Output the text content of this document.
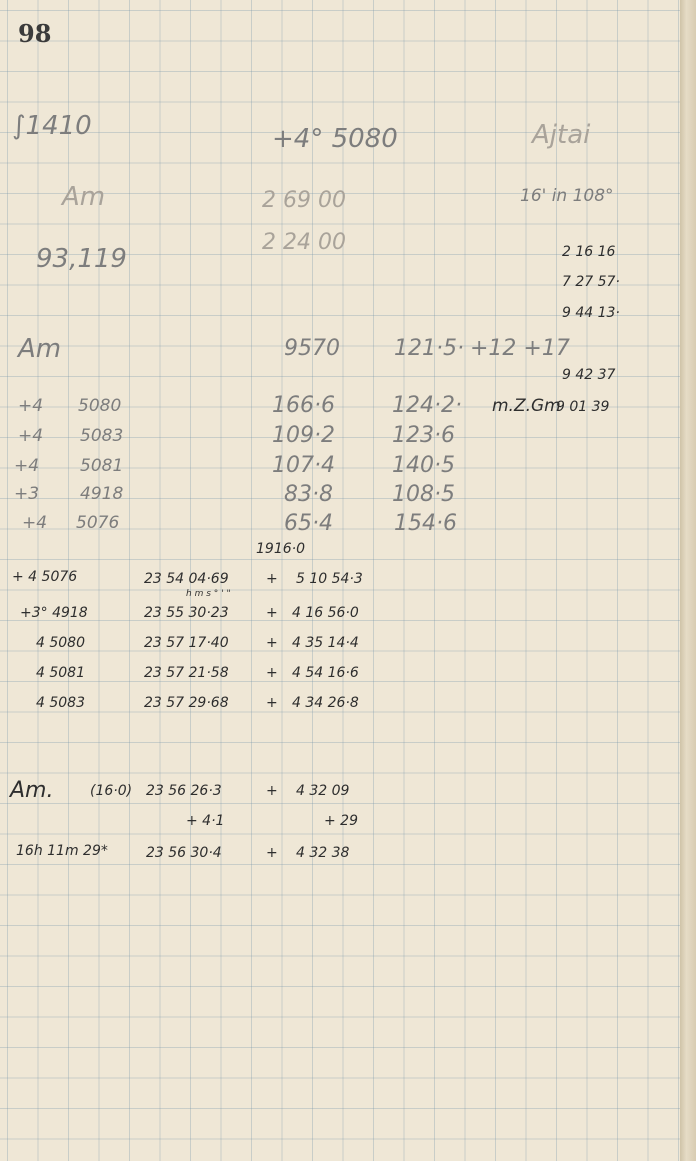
98
∫1410	+4° 5080	Ajtai
Am	2 69 00
2 24 00
93,119
16' in 108°
2 16 16
7 27 57·
9 44 13·
Am	9570 121·5· +12 +17
9 42 37
+4 5080	166·6	124·2·
+4 5083	109·2	123·6
+4 5081	107·4	140·5
+3 4918	83·8	108·5
+4 5076	65·4	154·6
m.Z.Gm
9 01 39
1916·0
+ 4 5076	23 54 04·69	+ 5 10 54·3
h m s ° ' "
+3° 4918	23 55 30·23	+ 4 16 56·0
4 5080	23 57 17·40	+ 4 35 14·4
4 5081	23 57 21·58	+ 4 54 16·6
4 5083	23 57 29·68	+ 4 34 26·8
Am.	(16·0) 23 56 26·3	+ 4 32 09
+ 4·1	+ 29
16h 11m 29*	23 56 30·4	+ 4 32 38
